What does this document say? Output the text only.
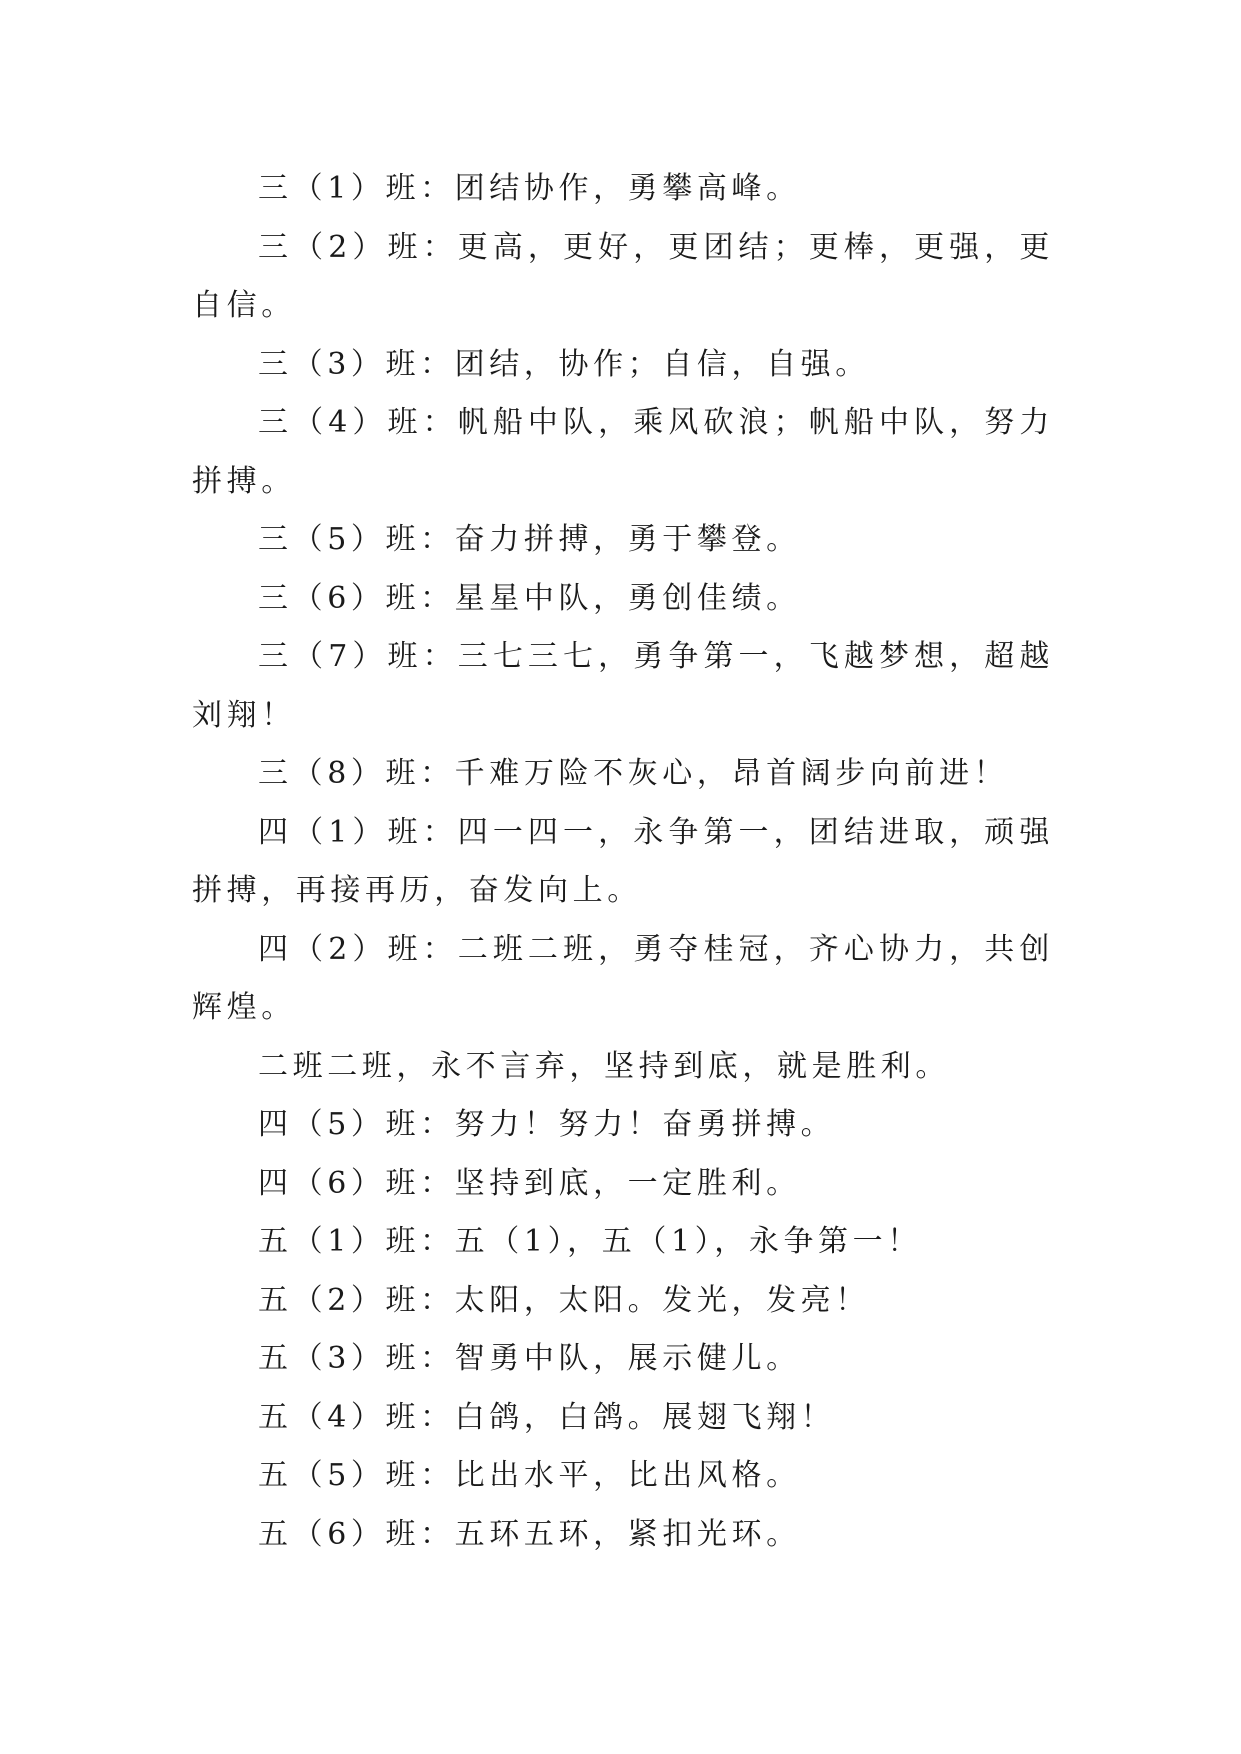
三（1）班：团结协作，勇攀高峰。

三（2）班：更高，更好，更团结；更棒，更强，更自信。

三（3）班：团结，协作；自信，自强。

三（4）班：帆船中队，乘风砍浪；帆船中队，努力拼搏。

三（5）班：奋力拼搏，勇于攀登。

三（6）班：星星中队，勇创佳绩。

三（7）班：三七三七，勇争第一，飞越梦想，超越刘翔！

三（8）班：千难万险不灰心，昂首阔步向前进！

四（1）班：四一四一，永争第一，团结进取，顽强拼搏，再接再历，奋发向上。

四（2）班：二班二班，勇夺桂冠，齐心协力，共创辉煌。

二班二班，永不言弃，坚持到底，就是胜利。

四（5）班：努力！努力！奋勇拼搏。

四（6）班：坚持到底，一定胜利。

五（1）班：五（1），五（1），永争第一！

五（2）班：太阳，太阳。发光，发亮！

五（3）班：智勇中队，展示健儿。

五（4）班：白鸽，白鸽。展翅飞翔！

五（5）班：比出水平，比出风格。

五（6）班：五环五环，紧扣光环。
